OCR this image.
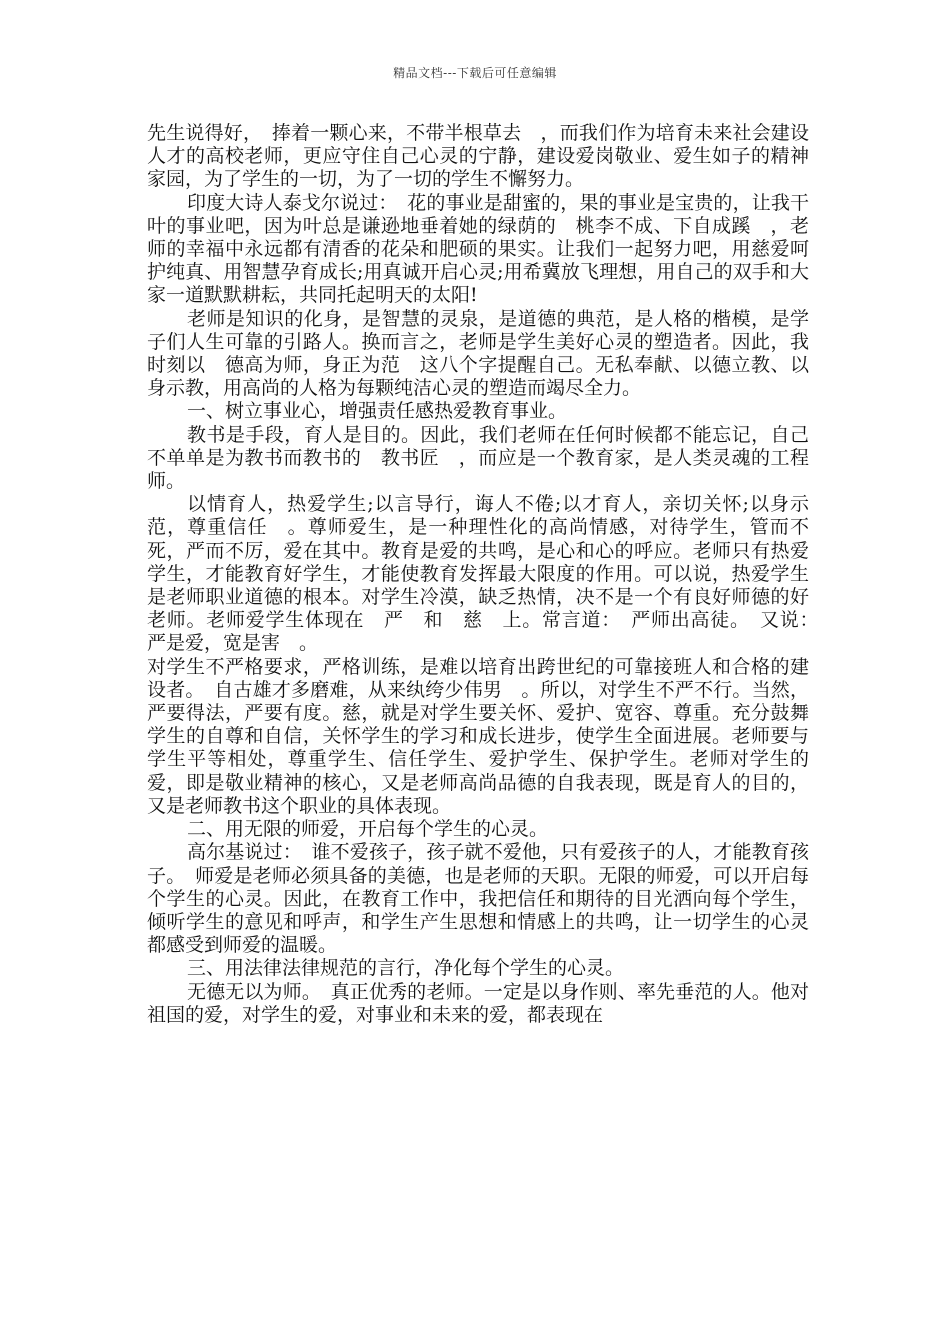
精品文档---下载后可任意编辑

先生说得好，　捧着一颗心来，不带半根草去　，而我们作为培育未来社会建设人才的高校老师，更应守住自己心灵的宁静，建设爱岗敬业、爱生如子的精神家园，为了学生的一切，为了一切的学生不懈努力。

印度大诗人泰戈尔说过：　花的事业是甜蜜的，果的事业是宝贵的，让我干叶的事业吧，因为叶总是谦逊地垂着她的绿荫的　桃李不成、下自成蹊　，老师的幸福中永远都有清香的花朵和肥硕的果实。让我们一起努力吧，用慈爱呵护纯真、用智慧孕育成长;用真诚开启心灵;用希冀放飞理想，用自己的双手和大家一道默默耕耘，共同托起明天的太阳!

老师是知识的化身，是智慧的灵泉，是道德的典范，是人格的楷模，是学子们人生可靠的引路人。换而言之，老师是学生美好心灵的塑造者。因此，我时刻以　德高为师，身正为范　这八个字提醒自己。无私奉献、以德立教、以身示教，用高尚的人格为每颗纯洁心灵的塑造而竭尽全力。

一、树立事业心，增强责任感热爱教育事业。

教书是手段，育人是目的。因此，我们老师在任何时候都不能忘记，自己不单单是为教书而教书的　教书匠　，而应是一个教育家，是人类灵魂的工程师。

以情育人，热爱学生;以言导行，诲人不倦;以才育人，亲切关怀;以身示范，尊重信任　。尊师爱生，是一种理性化的高尚情感，对待学生，管而不死，严而不厉，爱在其中。教育是爱的共鸣，是心和心的呼应。老师只有热爱学生，才能教育好学生，才能使教育发挥最大限度的作用。可以说，热爱学生是老师职业道德的根本。对学生冷漠，缺乏热情，决不是一个有良好师德的好老师。老师爱学生体现在　严　和　慈　上。常言道：　严师出高徒。　又说：　严是爱，宽是害　。

对学生不严格要求，严格训练，是难以培育出跨世纪的可靠接班人和合格的建设者。　自古雄才多磨难，从来纨绔少伟男　。所以，对学生不严不行。当然，严要得法，严要有度。慈，就是对学生要关怀、爱护、宽容、尊重。充分鼓舞学生的自尊和自信，关怀学生的学习和成长进步，使学生全面进展。老师要与学生平等相处，尊重学生、信任学生、爱护学生、保护学生。老师对学生的爱，即是敬业精神的核心，又是老师高尚品德的自我表现，既是育人的目的，又是老师教书这个职业的具体表现。

二、用无限的师爱，开启每个学生的心灵。

高尔基说过：　谁不爱孩子，孩子就不爱他，只有爱孩子的人，才能教育孩子。　师爱是老师必须具备的美德，也是老师的天职。无限的师爱，可以开启每个学生的心灵。因此，在教育工作中，我把信任和期待的目光洒向每个学生，倾听学生的意见和呼声，和学生产生思想和情感上的共鸣，让一切学生的心灵都感受到师爱的温暖。

三、用法律法律规范的言行，净化每个学生的心灵。

无德无以为师。　真正优秀的老师。一定是以身作则、率先垂范的人。他对祖国的爱，对学生的爱，对事业和未来的爱，都表现在
